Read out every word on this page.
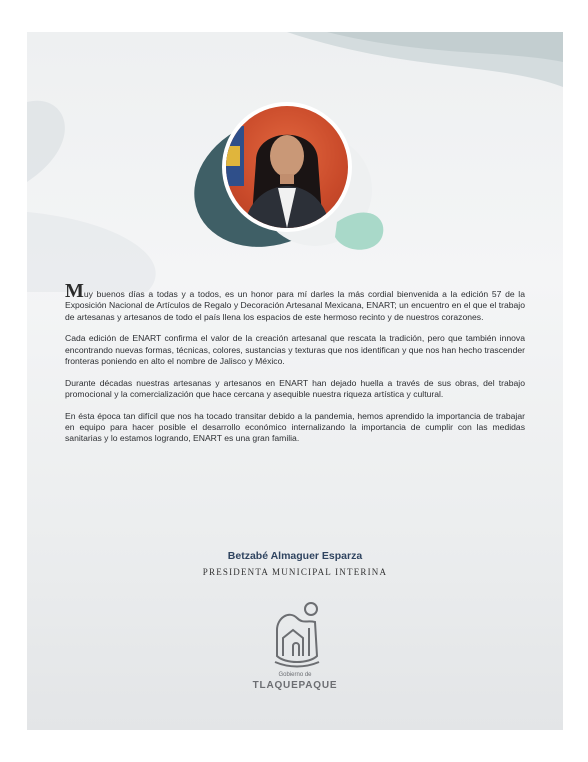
Muy buenos días a todas y a todos, es un honor para mí darles la más cordial bienvenida a la edición 57 de la Exposición Nacional de Artículos de Regalo y Decoración Artesanal Mexicana, ENART; un encuentro en el que el trabajo de artesanas y artesanos de todo el país llena los espacios de este hermoso recinto y de nuestros corazones.

Cada edición de ENART confirma el valor de la creación artesanal que rescata la tradición, pero que también innova encontrando nuevas formas, técnicas, colores, sustancias y texturas que nos identifican y que nos han hecho trascender fronteras poniendo en alto el nombre de Jalisco y México.

Durante décadas nuestras artesanas y artesanos en ENART han dejado huella a través de sus obras, del trabajo promocional y la comercialización que hace cercana y asequible nuestra riqueza artística y cultural.

En ésta época tan difícil que nos ha tocado transitar debido a la pandemia, hemos aprendido la importancia de trabajar en equipo para hacer posible el desarrollo económico internalizando la importancia de cumplir con las medidas sanitarias y lo estamos logrando, ENART es una gran familia.

Betzabé Almaguer Esparza
PRESIDENTA MUNICIPAL INTERINA
Gobierno de
TLAQUEPAQUE
